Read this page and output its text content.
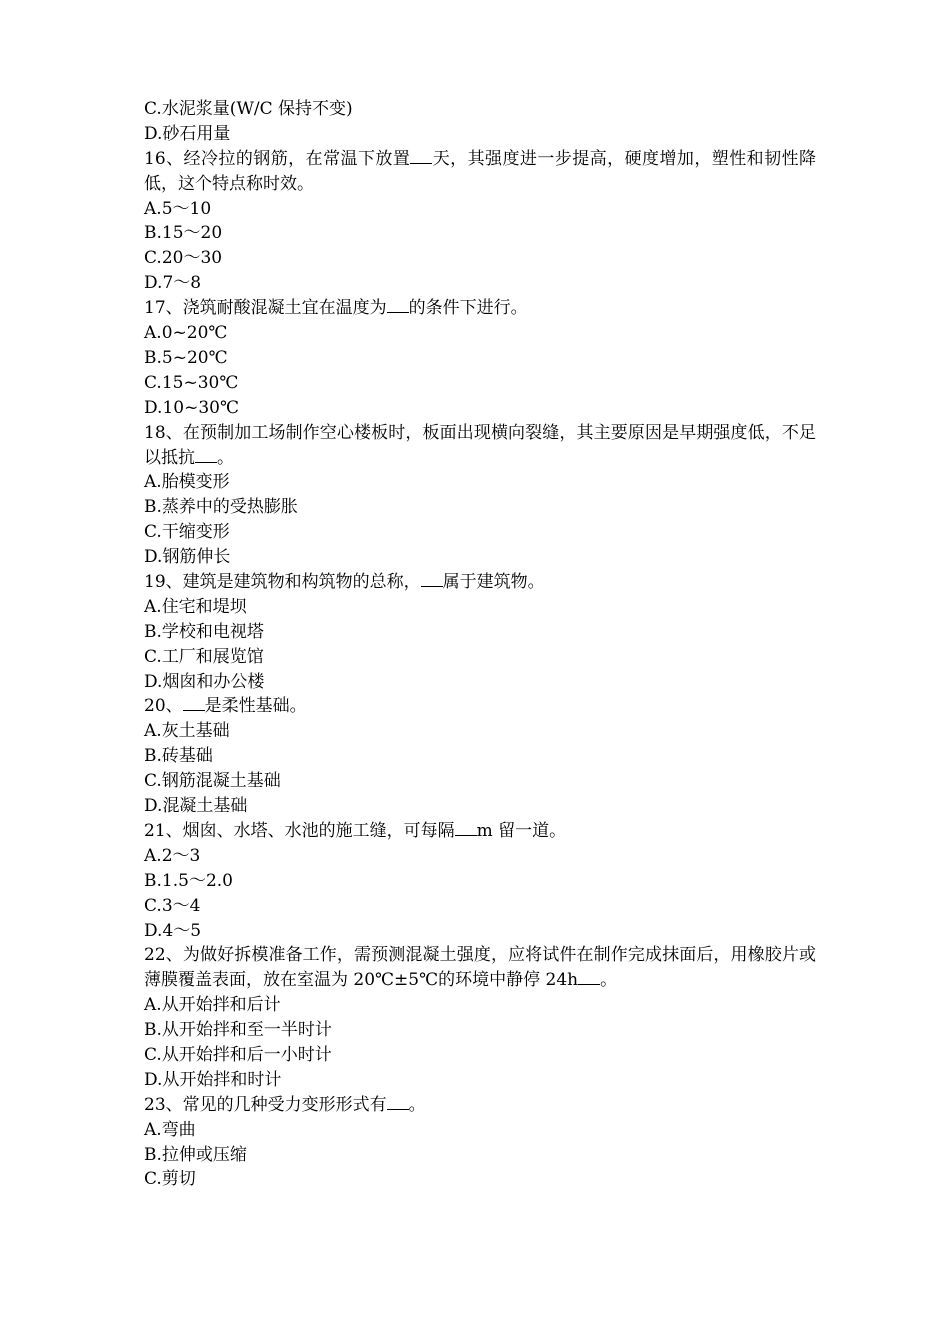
C. 水泥浆量(W/C 保持不变)
D. 砂石用量
16、经冷拉的钢筋，在常温下放置 天，其强度进一步提高，硬度增加，塑性和韧性降低，这个特点称时效。
A. 5～10
B. 15～20
C. 20～30
D. 7～8
17、浇筑耐酸混凝土宜在温度为 的条件下进行。
A. 0~20℃
B. 5~20℃
C. 15~30℃
D. 10~30℃
18、在预制加工场制作空心楼板时，板面出现横向裂缝，其主要原因是早期强度低，不足以抵抗 。
A. 胎模变形
B. 蒸养中的受热膨胀
C. 干缩变形
D. 钢筋伸长
19、建筑是建筑物和构筑物的总称， 属于建筑物。
A. 住宅和堤坝
B. 学校和电视塔
C. 工厂和展览馆
D. 烟囱和办公楼
20、 是柔性基础。
A. 灰土基础
B. 砖基础
C. 钢筋混凝土基础
D. 混凝土基础
21、烟囱、水塔、水池的施工缝，可每隔 m 留一道。
A. 2～3
B. 1.5～2.0
C. 3～4
D. 4～5
22、为做好拆模准备工作，需预测混凝土强度，应将试件在制作完成抹面后，用橡胶片或薄膜覆盖表面，放在室温为 20℃±5℃的环境中静停 24h 。
A. 从开始拌和后计
B. 从开始拌和至一半时计
C. 从开始拌和后一小时计
D. 从开始拌和时计
23、常见的几种受力变形形式有 。
A. 弯曲
B. 拉伸或压缩
C. 剪切
